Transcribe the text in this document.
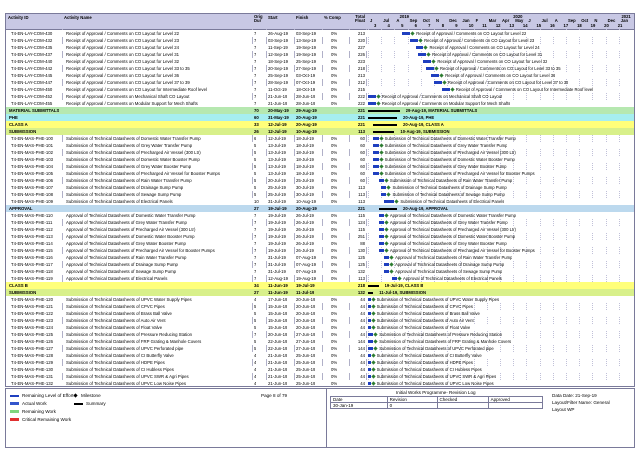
Activity ID	Activity Name	Orig Dur
Start	Finish	% Comp	Total Float
2019	2020	2021
J	Jul A Sep Oct N Dec Jan F	Mar Apr May J	Jul A Sep Oct N Dec Jan
3	4	5	6	7	8	9	10 11 12 13 14 15 16 17 18 19 20 21
T4-EN-LAY-COM-430	Receipt of Approval / Comments on CO Layout for Level 22	7	26-Aug-19 03-Sep-19	0%	213	Receipt of Approval / Comments on CO Layout for Level 22
T4-EN-LAY-COM-432	Receipt of Approval / Comments on CO Layout for Level 23	7	03-Sep-19 13-Sep-19	0%	220	Receipt of Approval / Comments on CO Layout for Level 23
T4-EN-LAY-COM-435	Receipt of Approval / Comments on CO Layout for Level 24	7	11-Sep-19 19-Sep-19	0%	227	Receipt of Approval / Comments on CO Layout for Level 24
T4-EN-LAY-COM-437	Receipt of Approval / Comments on CO Layout for Level 31	7	12-Sep-19 19-Sep-19	0%	226	Receipt of Approval / Comments on CO Layout for Level 31
T4-EN-LAY-COM-440	Receipt of Approval / Comments on CO Layout for Level 32	7	18-Sep-19 25-Sep-19	0%	223	Receipt of Approval / Comments on CO Layout for Level 32
T4-EN-LAY-COM-442	Receipt of Approval / Comments on CO Layout for Level 33 to 35	7	20-Sep-19 27-Sep-19	0%	218	Receipt of Approval / Comments on CO Layout for Level 33 to 35
T4-EN-LAY-COM-445	Receipt of Approval / Comments on CO Layout for Level 36	7	25-Sep-19 03-Oct-19	0%	213	Receipt of Approval / Comments on CO Layout for Level 36
T4-EN-LAY-COM-447	Receipt of Approval / Comments on CO Layout for Level 37 to 39	7	28-Sep-19 07-Oct-19	0%	212	Receipt of Approval / Comments on CO Layout for Level 37 to 39
T4-EN-LAY-COM-450	Receipt of Approval / Comments on CO Layout for Intermediate Roof level	7	11-Oct-19 18-Oct-19	0%	215	Receipt of Approval / Comments on CO Layout for Intermediate Roof level
T4-EN-LAY-COM-452	Receipt of Approval / Comments on Mechanical Shaft CO Layout	7	21-Jun-19 28-Jun-19	0%	222	Receipt of Approval / Comments on Mechanical Shaft CO Layout
T4-EN-LAY-COM-455	Receipt of Approval / Comments on Modular Support for Mech Shafts	7	21-Jun-19 28-Jun-19	0%	222	Receipt of Approval / Comments on Modular Support for Mech Shafts
MATERIAL SUBMITTALS	70 20-May-19 29-Aug-19	221	29-Aug-19, MATERIAL SUBMITTALS
PHE	60 31-May-19 20-Aug-19	221	20-Aug-19, PHE
CLASS A	33 12-Jul-19 20-Aug-19	221	20-Aug-19, CLASS A
SUBMISSION	26 12-Jul-19 10-Aug-19	113	10-Aug-19, SUBMISSION
T4-EN-MAS-PHE-100	Submission of Technical Datasheets of Domestic Water Transfer Pump	6	12-Jul-19 18-Jul-19	0%	60	Submission of Technical Datasheets of Domestic Water Transfer Pump
T4-EN-MAS-PHE-101	Submission of Technical Datasheets of Grey Water Transfer Pump	5	13-Jul-19 18-Jul-19	0%	60	Submission of Technical Datasheets of Grey Water Transfer Pump
T4-EN-MAS-PHE-102	Submission of Technical Datasheets of Precharged Air Vessel (300 Ltr)	5	13-Jul-19 18-Jul-19	0%	60	Submission of Technical Datasheets of Precharged Air Vessel (300 Ltr)
T4-EN-MAS-PHE-103	Submission of Technical Datasheets of Domestic Water Booster Pump	5	13-Jul-19 18-Jul-19	0%	60	Submission of Technical Datasheets of Domestic Water Booster Pump
T4-EN-MAS-PHE-104	Submission of Technical Datasheets of Grey Water Booster Pump	5	13-Jul-19 18-Jul-19	0%	60	Submission of Technical Datasheets of Grey Water Booster Pump
T4-EN-MAS-PHE-105	Submission of Technical Datasheets of Precharged Air Vessel for Booster Pumps	5	13-Jul-19 18-Jul-19	0%	60	Submission of Technical Datasheets of Precharged Air Vessel for Booster Pumps
T4-EN-MAS-PHE-106	Submission of Technical Datasheets of Rain Water Transfer Pump	5	20-Jul-19 25-Jul-19	0%	60	Submission of Technical Datasheets of Rain Water Transfer Pump
T4-EN-MAS-PHE-107	Submission of Technical Datasheets of Drainage Sump Pump	5	25-Jul-19 30-Jul-19	0%	113	Submission of Technical Datasheets of Drainage Sump Pump
T4-EN-MAS-PHE-108	Submission of Technical Datasheets of Sewage Sump Pump	5	25-Jul-19 30-Jul-19	0%	113	Submission of Technical Datasheets of Sewage Sump Pump
T4-EN-MAS-PHE-109	Submission of Technical Datasheets of Electrical Panels	10 31-Jul-19 10-Aug-19	0%	113	Submission of Technical Datasheets of Electrical Panels
APPROVAL	27 19-Jul-19 20-Aug-19	221	20-Aug-19, APPROVAL
T4-EN-MAS-PHE-110	Approval of Technical Datasheets of Domestic Water Transfer Pump	7	19-Jul-19 26-Jul-19	0%	115	Approval of Technical Datasheets of Domestic Water Transfer Pump
T4-EN-MAS-PHE-111	Approval of Technical Datasheets of Grey Water Transfer Pump	7	19-Jul-19 26-Jul-19	0%	124	Approval of Technical Datasheets of Grey Water Transfer Pump
T4-EN-MAS-PHE-112	Approval of Technical Datasheets of Precharged Air Vessel (300 Ltr)	7	19-Jul-19 26-Jul-19	0%	115	Approval of Technical Datasheets of Precharged Air Vessel (300 Ltr)
T4-EN-MAS-PHE-113	Approval of Technical Datasheets of Domestic Water Booster Pump	7	19-Jul-19 26-Jul-19	0%	251	Approval of Technical Datasheets of Domestic Water Booster Pump
T4-EN-MAS-PHE-114	Approval of Technical Datasheets of Grey Water Booster Pump	7	19-Jul-19 26-Jul-19	0%	88	Approval of Technical Datasheets of Grey Water Booster Pump
T4-EN-MAS-PHE-115	Approval of Technical Datasheets of Precharged Air Vessel for Booster Pumps	7	19-Jul-19 26-Jul-19	0%	130	Approval of Technical Datasheets of Precharged Air Vessel for Booster Pumps
T4-EN-MAS-PHE-116	Approval of Technical Datasheets of Rain Water Transfer Pump	7	31-Jul-19 07-Aug-19	0%	125	Approval of Technical Datasheets of Rain Water Transfer Pump
T4-EN-MAS-PHE-117	Approval of Technical Datasheets of Drainage Sump Pump	7	31-Jul-19 07-Aug-19	0%	125	Approval of Technical Datasheets of Drainage Sump Pump
T4-EN-MAS-PHE-118	Approval of Technical Datasheets of Sewage Sump Pump	7	31-Jul-19 07-Aug-19	0%	132	Approval of Technical Datasheets of Sewage Sump Pump
T4-EN-MAS-PHE-119	Approval of Technical Datasheets of Electrical Panels	7	12-Aug-19 19-Aug-19	0%	113	Approval of Technical Datasheets of Electrical Panels
CLASS B	34 11-Jun-19 19-Jul-19	218	19-Jul-19, CLASS B
SUBMISSION	27 11-Jun-19 11-Jul-19	132	11-Jul-19, SUBMISSION
T4-EN-MAS-PHE-120	Submission of Technical Datasheets of UPVC Water Supply Pipes	4	17-Jun-19 20-Jun-19	0%	44	Submission of Technical Datasheets of UPVC Water Supply Pipes
T4-EN-MAS-PHE-121	Submission of Technical Datasheets of CPVC Pipes	5	15-Jun-19 20-Jun-19	0%	44	Submission of Technical Datasheets of CPVC Pipes
T4-EN-MAS-PHE-122	Submission of Technical Datasheets of Brass Ball Valve	5	15-Jun-19 20-Jun-19	0%	44	Submission of Technical Datasheets of Brass Ball Valve
T4-EN-MAS-PHE-123	Submission of Technical Datasheets of Auto Air Vent	5	15-Jun-19 20-Jun-19	0%	44	Submission of Technical Datasheets of Auto Air Vent
T4-EN-MAS-PHE-124	Submission of Technical Datasheets of Float Valve	5	15-Jun-19 20-Jun-19	0%	44	Submission of Technical Datasheets of Float Valve
T4-EN-MAS-PHE-125	Submission of Technical Datasheets of Pressure Reducing Station	7	20-Jun-19 27-Jun-19	0%	44	Submission of Technical Datasheets of Pressure Reducing Station
T4-EN-MAS-PHE-126	Submission of Technical Datasheets of FRP Grating & Manhole Covers	5	22-Jun-19 27-Jun-19	0%	144	Submission of Technical Datasheets of FRP Grating & Manhole Covers
T4-EN-MAS-PHE-127	Submission of Technical Datasheets of UPVC Perforated pipe	5	22-Jun-19 27-Jun-19	0%	144	Submission of Technical Datasheets of UPVC Perforated pipe
T4-EN-MAS-PHE-128	Submission of Technical Datasheets of CI Butterfly Valve	4	21-Jun-19 25-Jun-19	0%	44	Submission of Technical Datasheets of CI Butterfly Valve
T4-EN-MAS-PHE-129	Submission of Technical Datasheets of HDPE Pipes	4	21-Jun-19 25-Jun-19	0%	44	Submission of Technical Datasheets of HDPE Pipes
T4-EN-MAS-PHE-130	Submission of Technical Datasheets of CI Hubless Pipes	4	21-Jun-19 25-Jun-19	0%	44	Submission of Technical Datasheets of CI Hubless Pipes
T4-EN-MAS-PHE-131	Submission of Technical Datasheets of UPVC SWR & Agri Pipes	4	21-Jun-19 25-Jun-19	0%	44	Submission of Technical Datasheets of UPVC SWR & Agri Pipes
T4-EN-MAS-PHE-132	Submission of Technical Datasheets of UPVC Low Noise Pipes	4	21-Jun-19 25-Jun-19	0%	44	Submission of Technical Datasheets of UPVC Low Noise Pipes
Remaining Level of Effort
Actual Work
Remaining Work
Critical Remaining Work
Milestone
Summary
Page 8 of 79
Initial Works Programme- Revision Log
Date	Revision	Checked	Approved
30-Jan-19	0		
Data Date: 21-Sep-19
Layout/Filter Name: General
Layout WP
